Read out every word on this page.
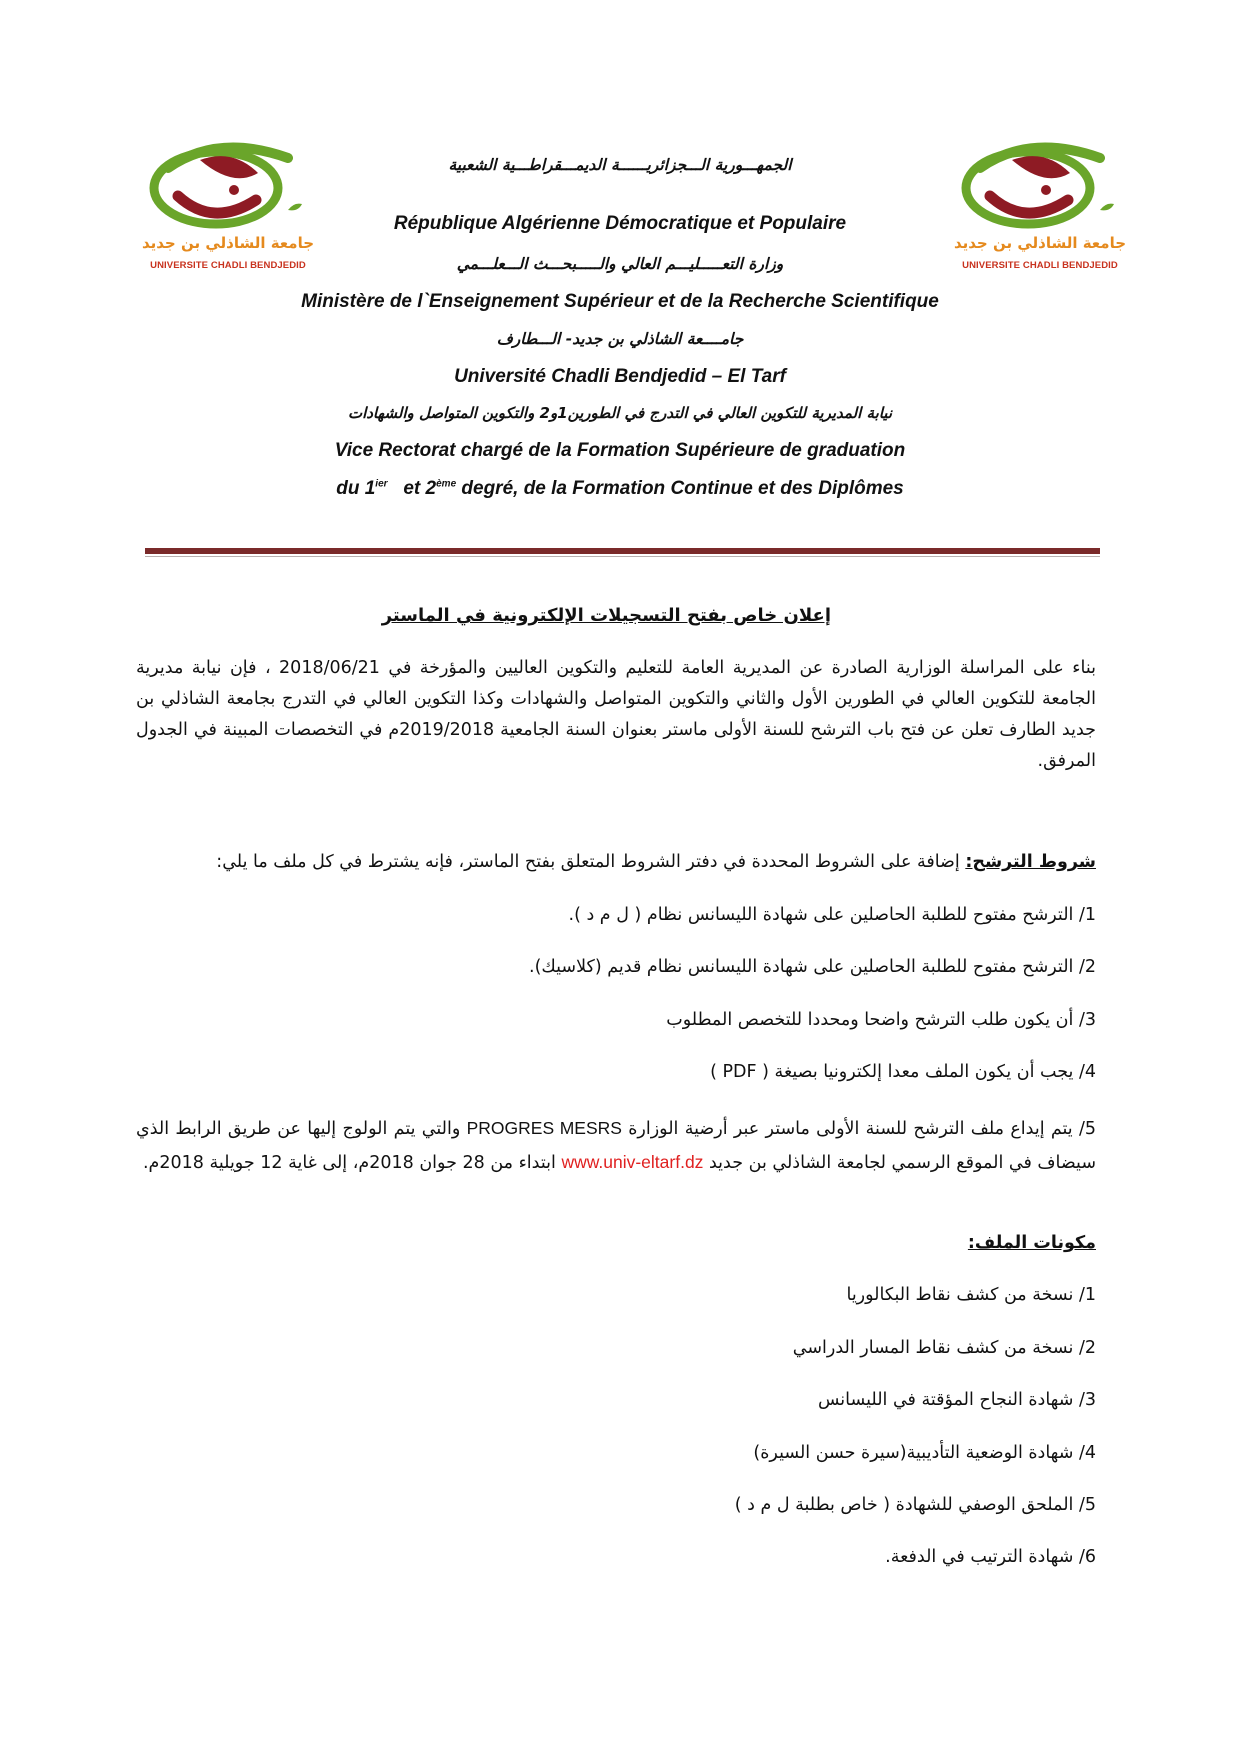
جامعة الشاذلي بن جديد
UNIVERSITE CHADLI BENDJEDID
جامعة الشاذلي بن جديد
UNIVERSITE CHADLI BENDJEDID
الجمهـــورية الـــجزائريــــــة الديمـــقراطـــية الشعبية
République Algérienne Démocratique et Populaire
وزارة التعـــــليـــم العالي والـــــبحـــث الـــعلـــمي
Ministère de l`Enseignement Supérieur et de la Recherche Scientifique
جامــــعة الشاذلي بن جديد- الـــطارف
Université Chadli Bendjedid – El Tarf
نيابة المديرية للتكوين العالي في التدرج في الطورين1و2 والتكوين المتواصل والشهادات
Vice Rectorat chargé de la Formation Supérieure de graduation
du $1^{ier}$   et 2ème degré, de la Formation Continue et des Diplômes
إعلان خاص بفتح التسجيلات الإلكترونية في الماستر
بناء على المراسلة الوزارية الصادرة عن المديرية العامة للتعليم والتكوين العاليين والمؤرخة في 2018/06/21 ، فإن نيابة مديرية الجامعة للتكوين العالي في الطورين الأول والثاني والتكوين المتواصل والشهادات وكذا التكوين العالي في التدرج بجامعة الشاذلي بن جديد الطارف تعلن عن فتح باب الترشح للسنة الأولى ماستر بعنوان السنة الجامعية 2019/2018م في التخصصات المبينة في الجدول المرفق.
شروط الترشح: إضافة على الشروط المحددة في دفتر الشروط المتعلق بفتح الماستر، فإنه يشترط في كل ملف ما يلي:
1/ الترشح مفتوح للطلبة الحاصلين على شهادة الليسانس نظام ( ل م د ).
2/ الترشح مفتوح للطلبة الحاصلين على شهادة الليسانس نظام قديم (كلاسيك).
3/ أن يكون طلب الترشح واضحا ومحددا للتخصص المطلوب
4/ يجب أن يكون الملف معدا إلكترونيا بصيغة ( PDF )
5/ يتم إيداع ملف الترشح للسنة الأولى ماستر عبر أرضية الوزارة PROGRES MESRS والتي يتم الولوج إليها عن طريق الرابط الذي سيضاف في الموقع الرسمي لجامعة الشاذلي بن جديد www.univ-eltarf.dz ابتداء من 28 جوان 2018م، إلى غاية 12 جويلية 2018م.
مكونات الملف:
1/ نسخة من كشف نقاط البكالوريا
2/ نسخة من كشف نقاط المسار الدراسي
3/ شهادة النجاح المؤقتة في الليسانس
4/ شهادة الوضعية التأديبية(سيرة حسن السيرة)
5/ الملحق الوصفي للشهادة ( خاص بطلبة ل م د )
6/ شهادة الترتيب في الدفعة.
